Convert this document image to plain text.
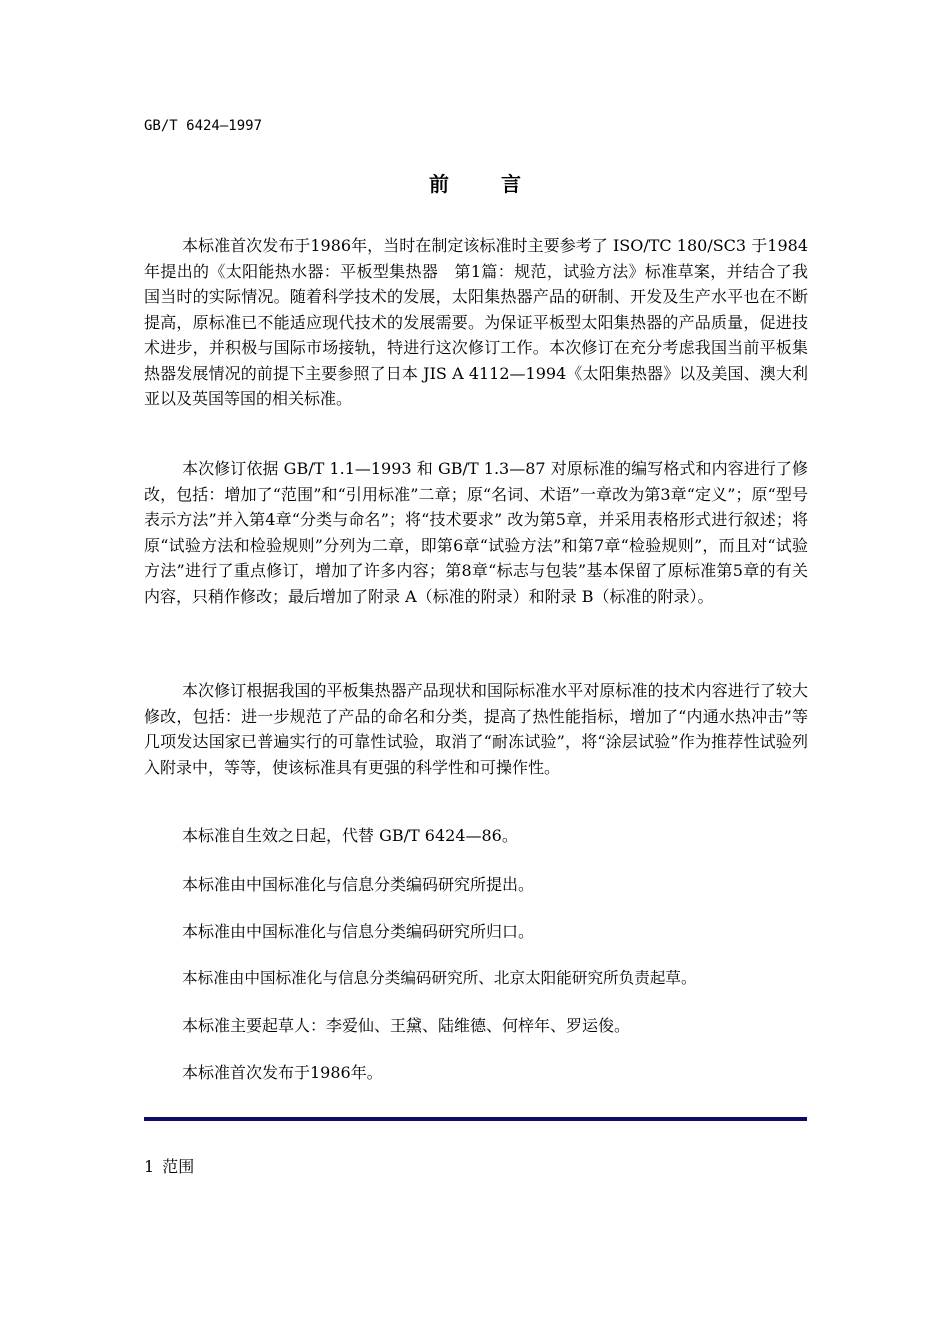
GB/T 6424—1997
前言

本标准首次发布于1986年，当时在制定该标准时主要参考了 ISO/TC 180/SC3 于1984年提出的《太阳能热水器：平板型集热器　第1篇：规范，试验方法》标准草案，并结合了我国当时的实际情况。随着科学技术的发展，太阳集热器产品的研制、开发及生产水平也在不断提高，原标准已不能适应现代技术的发展需要。为保证平板型太阳集热器的产品质量，促进技术进步，并积极与国际市场接轨，特进行这次修订工作。本次修订在充分考虑我国当前平板集热器发展情况的前提下主要参照了日本 JIS A 4112—1994《太阳集热器》以及美国、澳大利亚以及英国等国的相关标准。

本次修订依据 GB/T 1.1—1993 和 GB/T 1.3—87 对原标准的编写格式和内容进行了修改，包括：增加了“范围”和“引用标准”二章；原“名词、术语”一章改为第3章“定义”；原“型号表示方法”并入第4章“分类与命名”；将“技术要求” 改为第5章，并采用表格形式进行叙述；将原“试验方法和检验规则”分列为二章，即第6章“试验方法”和第7章“检验规则”，而且对“试验方法”进行了重点修订，增加了许多内容；第8章“标志与包装”基本保留了原标准第5章的有关内容，只稍作修改；最后增加了附录 A（标准的附录）和附录 B（标准的附录）。

本次修订根据我国的平板集热器产品现状和国际标准水平对原标准的技术内容进行了较大修改，包括：进一步规范了产品的命名和分类，提高了热性能指标，增加了“内通水热冲击”等几项发达国家已普遍实行的可靠性试验，取消了“耐冻试验”，将“涂层试验”作为推荐性试验列入附录中，等等，使该标准具有更强的科学性和可操作性。

本标准自生效之日起，代替 GB/T 6424—86。

本标准由中国标准化与信息分类编码研究所提出。

本标准由中国标准化与信息分类编码研究所归口。

本标准由中国标准化与信息分类编码研究所、北京太阳能研究所负责起草。

本标准主要起草人：李爱仙、王黛、陆维德、何梓年、罗运俊。

本标准首次发布于1986年。

1 范围
